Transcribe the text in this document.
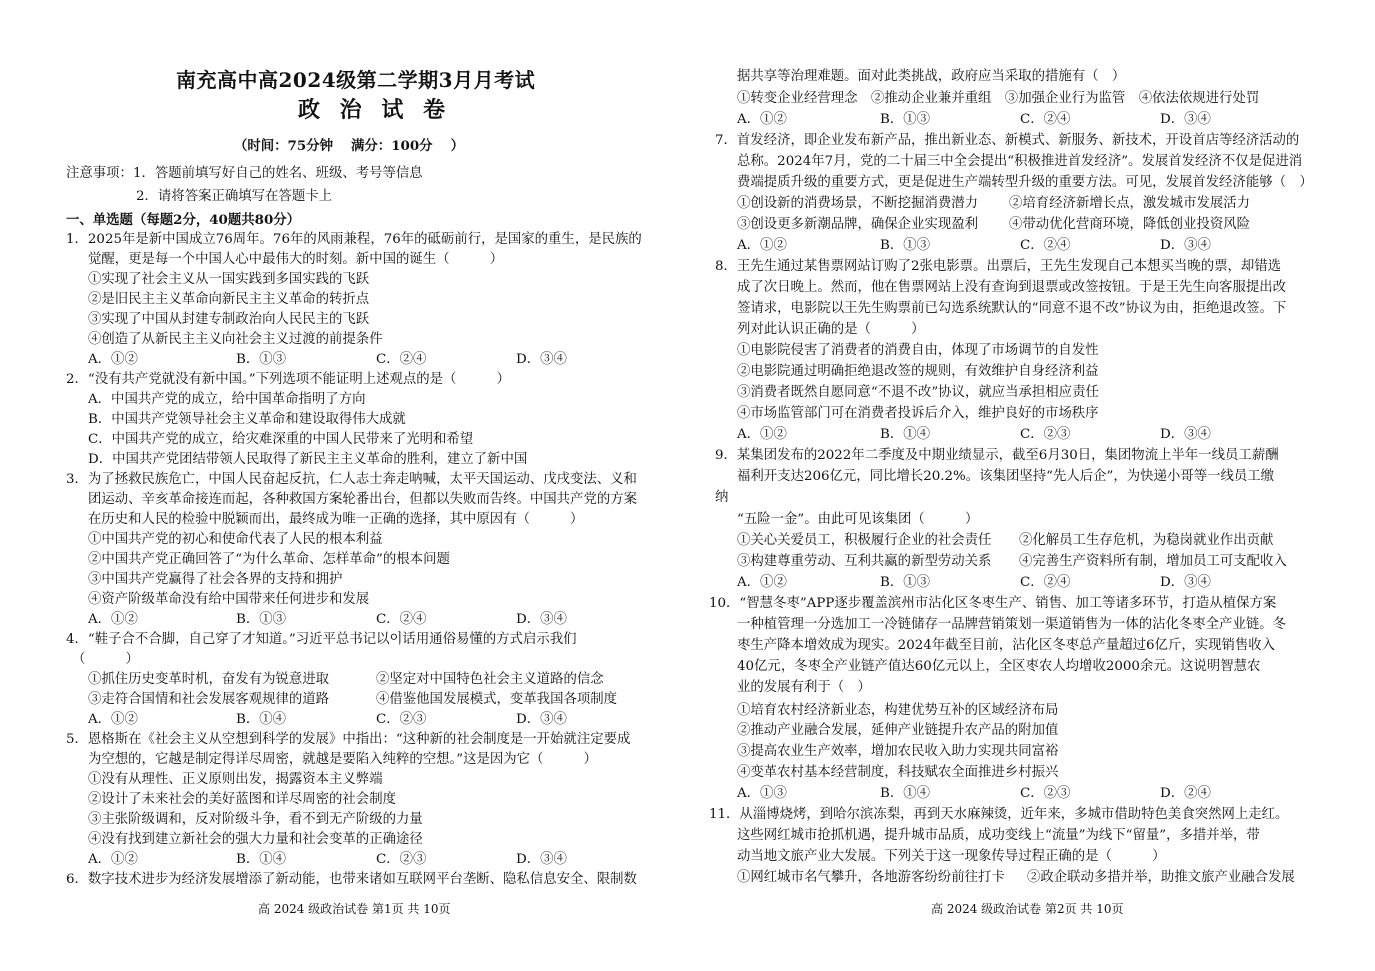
南充高中高2024级第二学期3月月考试
政 治 试 卷
（时间：75分钟　 满分：100分　 ）
注意事项：1．答题前填写好自己的姓名、班级、考号等信息
2．请将答案正确填写在答题卡上
一、单选题（每题2分，40题共80分）
1．2025年是新中国成立76周年。76年的风雨兼程，76年的砥砺前行，是国家的重生，是民族的
觉醒，更是每一个中国人心中最伟大的时刻。新中国的诞生（　　　）
①实现了社会主义从一国实践到多国实践的飞跃
②是旧民主主义革命向新民主主义革命的转折点
③实现了中国从封建专制政治向人民民主的飞跃
④创造了从新民主主义向社会主义过渡的前提条件
A．①②	B．①③	C．②④	D．③④
2．“没有共产党就没有新中国。”下列选项不能证明上述观点的是（　　　）
A．中国共产党的成立，给中国革命指明了方向
B．中国共产党领导社会主义革命和建设取得伟大成就
C．中国共产党的成立，给灾难深重的中国人民带来了光明和希望
D．中国共产党团结带领人民取得了新民主主义革命的胜利，建立了新中国
3．为了拯救民族危亡，中国人民奋起反抗，仁人志士奔走呐喊，太平天国运动、戊戌变法、义和
团运动、辛亥革命接连而起，各种救国方案轮番出台，但都以失败而告终。中国共产党的方案
在历史和人民的检验中脱颖而出，最终成为唯一正确的选择，其中原因有（　　　）
①中国共产党的初心和使命代表了人民的根本利益
②中国共产党正确回答了“为什么革命、怎样革命”的根本问题
③中国共产党赢得了社会各界的支持和拥护
④资产阶级革命没有给中国带来任何进步和发展
A．①②	B．①③	C．②④	D．③④
4．“鞋子合不合脚，自己穿了才知道。”习近平总书记以이话用通俗易懂的方式启示我们
（　　　）
①抓住历史变革时机，奋发有为锐意进取	②坚定对中国特色社会主义道路的信念
③走符合国情和社会发展客观规律的道路	④借鉴他国发展模式，变革我国各项制度
A．①②	B．①④	C．②③	D．③④
5．恩格斯在《社会主义从空想到科学的发展》中指出：“这种新的社会制度是一开始就注定要成
为空想的，它越是制定得详尽周密，就越是要陷入纯粹的空想。”这是因为它（　　　）
①没有从理性、正义原则出发，揭露资本主义弊端
②设计了未来社会的美好蓝图和详尽周密的社会制度
③主张阶级调和，反对阶级斗争，看不到无产阶级的力量
④没有找到建立新社会的强大力量和社会变革的正确途径
A．①②	B．①④	C．②③	D．③④
6．数字技术进步为经济发展增添了新动能，也带来诸如互联网平台垄断、隐私信息安全、限制数
高 2024 级政治试卷 第1页 共 10页
据共享等治理难题。面对此类挑战，政府应当采取的措施有（　）
①转变企业经营理念　②推动企业兼并重组　③加强企业行为监管　④依法依规进行处罚
A．①②	B．①③	C．②④	D．③④
7．首发经济，即企业发布新产品，推出新业态、新模式、新服务、新技术，开设首店等经济活动的
总称。2024年7月，党的二十届三中全会提出“积极推进首发经济”。发展首发经济不仅是促进消
费端提质升级的重要方式，更是促进生产端转型升级的重要方法。可见，发展首发经济能够（　）
①创设新的消费场景，不断挖掘消费潜力 ②培育经济新增长点，激发城市发展活力
③创设更多新潮品牌，确保企业实现盈利 ④带动优化营商环境，降低创业投资风险
A．①②	B．①③	C．②④	D．③④
8．王先生通过某售票网站订购了2张电影票。出票后，王先生发现自己本想买当晚的票，却错选
成了次日晚上。然而，他在售票网站上没有查询到退票或改签按钮。于是王先生向客服提出改
签请求，电影院以王先生购票前已勾选系统默认的“同意不退不改”协议为由，拒绝退改签。下
列对此认识正确的是（　　　）
①电影院侵害了消费者的消费自由，体现了市场调节的自发性
②电影院通过明确拒绝退改签的规则，有效维护自身经济利益
③消费者既然自愿同意“不退不改”协议，就应当承担相应责任
④市场监管部门可在消费者投诉后介入，维护良好的市场秩序
A．①②	B．①④	C．②③	D．③④
9．某集团发布的2022年二季度及中期业绩显示，截至6月30日，集团物流上半年一线员工薪酬
福利开支达206亿元，同比增长20.2%。该集团坚持“先人后企”，为快递小哥等一线员工缴
纳
“五险一金”。由此可见该集团（　　　）
①关心关爱员工，积极履行企业的社会责任 ②化解员工生存危机，为稳岗就业作出贡献
③构建尊重劳动、互利共赢的新型劳动关系 ④完善生产资料所有制，增加员工可支配收入
A．①②	B．①③	C．②④	D．③④
10．“智慧冬枣”APP逐步覆盖滨州市沾化区冬枣生产、销售、加工等诸多环节，打造从植保方案
一种植管理一分选加工一冷链储存一品牌营销策划一渠道销售为一体的沾化冬枣全产业链。冬
枣生产降本增效成为现实。2024年截至目前，沾化区冬枣总产量超过6亿斤，实现销售收入
40亿元，冬枣全产业链产值达60亿元以上，全区枣农人均增收2000余元。这说明智慧农
业的发展有利于（　）
①培育农村经济新业态，构建优势互补的区域经济布局
②推动产业融合发展，延伸产业链提升农产品的附加值
③提高农业生产效率，增加农民收入助力实现共同富裕
④变革农村基本经营制度，科技赋农全面推进乡村振兴
A．①③	B．①④	C．②③	D．②④
11．从淄博烧烤，到哈尔滨冻梨，再到天水麻辣烫，近年来，多城市借助特色美食突然网上走红。
这些网红城市抢抓机遇，提升城市品质，成功变线上“流量”为线下“留量”，多措并举，带
动当地文旅产业大发展。下列关于这一现象传导过程正确的是（　　　）
①网红城市名气攀升，各地游客纷纷前往打卡 ②政企联动多措并举，助推文旅产业融合发展
高 2024 级政治试卷 第2页 共 10页
